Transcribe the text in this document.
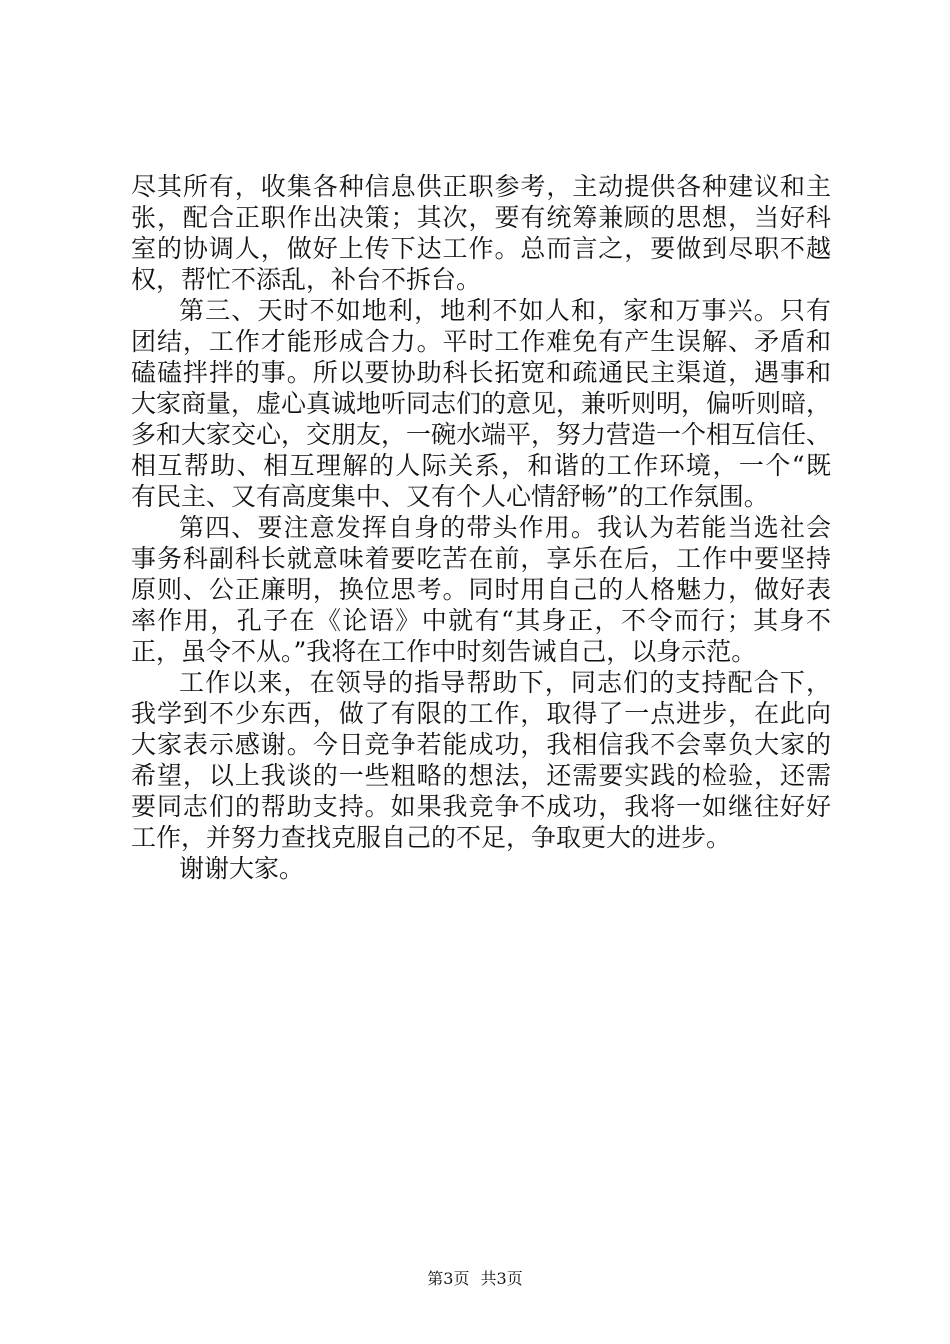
尽其所有，收集各种信息供正职参考，主动提供各种建议和主
张，配合正职作出决策；其次，要有统筹兼顾的思想，当好科
室的协调人，做好上传下达工作。总而言之，要做到尽职不越
权，帮忙不添乱，补台不拆台。
第三、天时不如地利，地利不如人和，家和万事兴。只有
团结，工作才能形成合力。平时工作难免有产生误解、矛盾和
磕磕拌拌的事。所以要协助科长拓宽和疏通民主渠道，遇事和
大家商量，虚心真诚地听同志们的意见，兼听则明，偏听则暗，
多和大家交心，交朋友，一碗水端平，努力营造一个相互信任、
相互帮助、相互理解的人际关系，和谐的工作环境，一个“既
有民主、又有高度集中、又有个人心情舒畅”的工作氛围。
第四、要注意发挥自身的带头作用。我认为若能当选社会
事务科副科长就意味着要吃苦在前，享乐在后，工作中要坚持
原则、公正廉明，换位思考。同时用自己的人格魅力，做好表
率作用，孔子在《论语》中就有“其身正，不令而行；其身不
正，虽令不从。”我将在工作中时刻告诫自己，以身示范。
工作以来，在领导的指导帮助下，同志们的支持配合下，
我学到不少东西，做了有限的工作，取得了一点进步，在此向
大家表示感谢。今日竞争若能成功，我相信我不会辜负大家的
希望，以上我谈的一些粗略的想法，还需要实践的检验，还需
要同志们的帮助支持。如果我竞争不成功，我将一如继往好好
工作，并努力查找克服自己的不足，争取更大的进步。
谢谢大家。
第3页 共3页
